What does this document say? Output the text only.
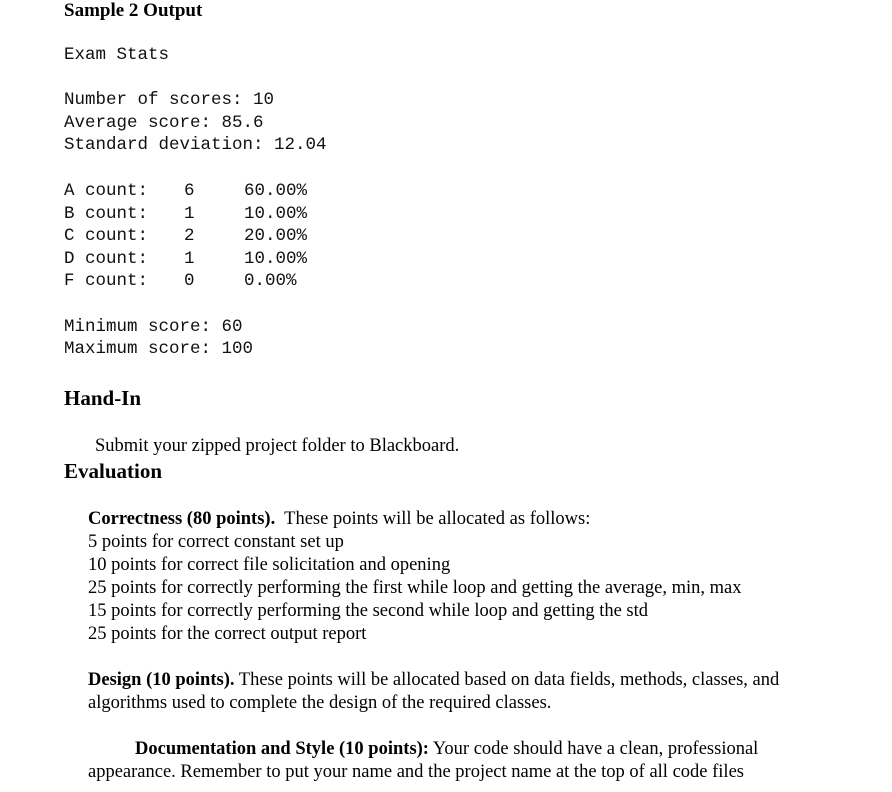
Sample 2 Output
Exam Stats
Number of scores: 10
Average score: 85.6
Standard deviation: 12.04
A count:	6	60.00%
B count:	1	10.00%
C count:	2	20.00%
D count:	1	10.00%
F count:	0	0.00%
Minimum score: 60
Maximum score: 100
Hand-In
Submit your zipped project folder to Blackboard.
Evaluation
Correctness (80 points). These points will be allocated as follows:
5 points for correct constant set up
10 points for correct file solicitation and opening
25 points for correctly performing the first while loop and getting the average, min, max
15 points for correctly performing the second while loop and getting the std
25 points for the correct output report
Design (10 points). These points will be allocated based on data fields, methods, classes, and
algorithms used to complete the design of the required classes.
Documentation and Style (10 points): Your code should have a clean, professional
appearance. Remember to put your name and the project name at the top of all code files
